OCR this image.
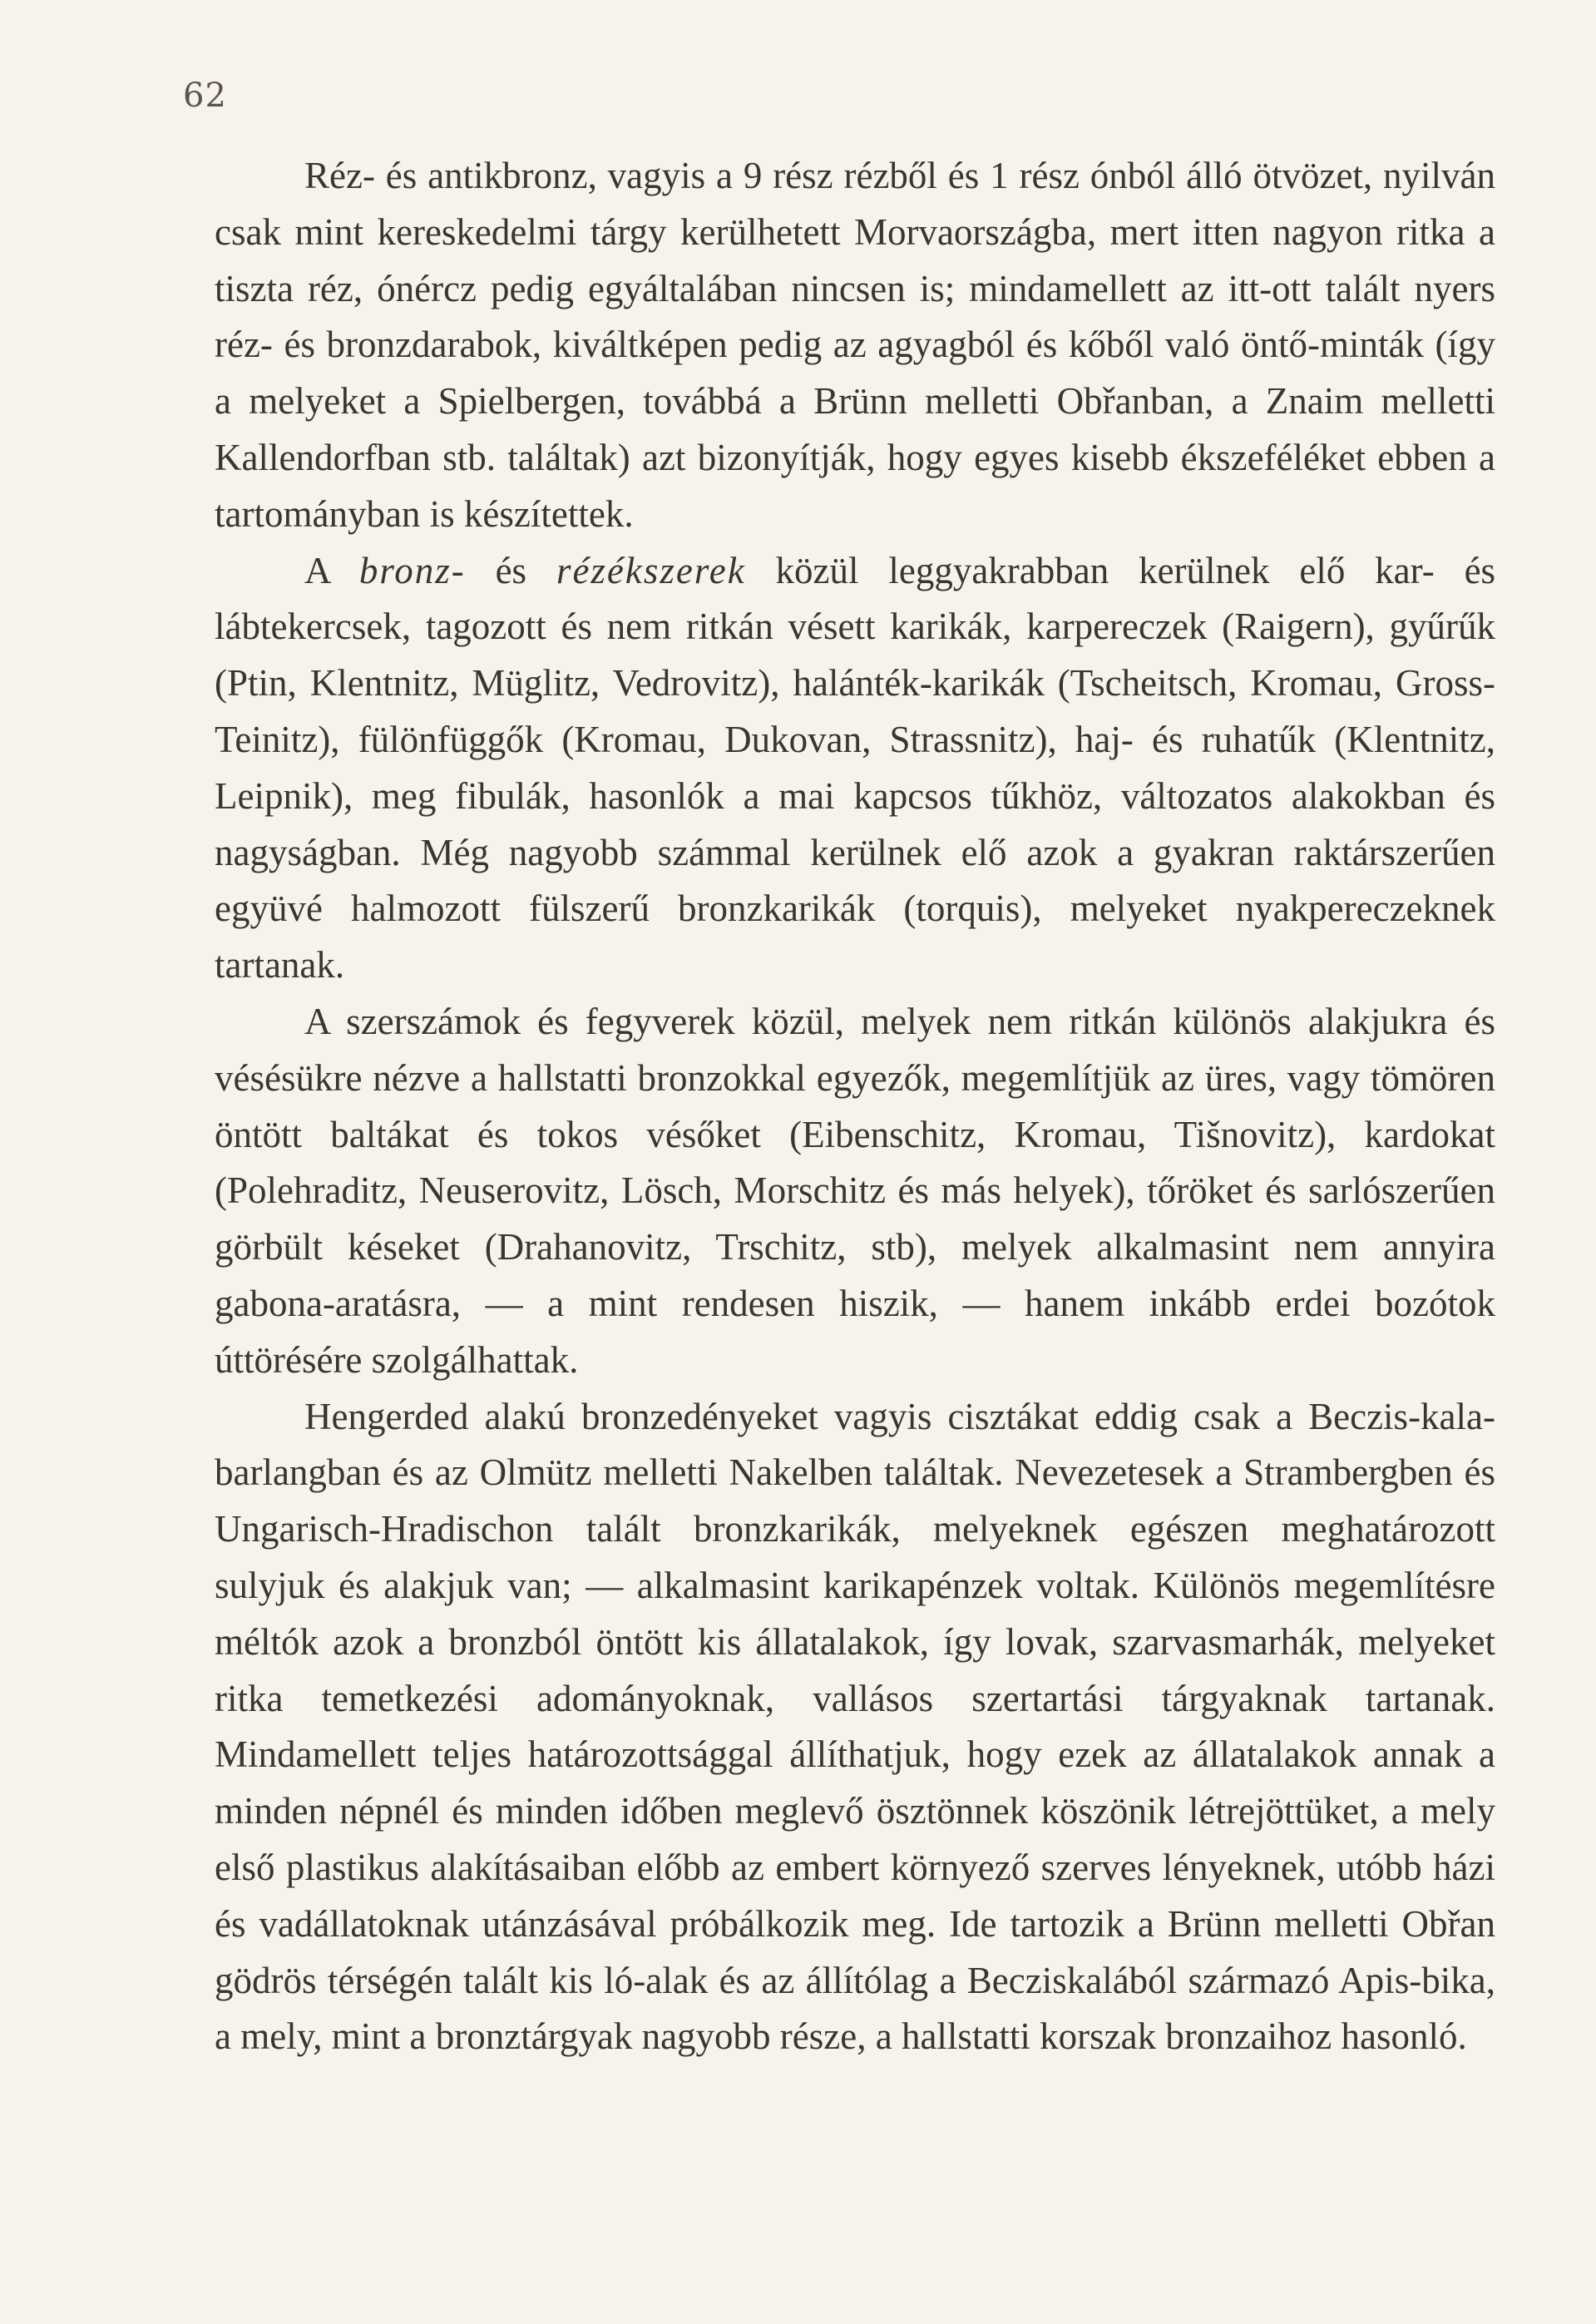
62

Réz- és antikbronz, vagyis a 9 rész rézből és 1 rész ónból álló ötvözet, nyilván csak mint kereskedelmi tárgy kerülhetett Morvaországba, mert itten nagyon ritka a tiszta réz, ónércz pedig egyáltalában nincsen is; mindamellett az itt-ott talált nyers réz- és bronzdarabok, kiváltképen pedig az agyagból és kőből való öntő-minták (így a melyeket a Spielbergen, továbbá a Brünn melletti Obřanban, a Znaim melletti Kallendorfban stb. találtak) azt bizonyítják, hogy egyes kisebb ékszeféléket ebben a tartományban is készítettek.

A bronz- és rézékszerek közül leggyakrabban kerülnek elő kar- és lábtekercsek, tagozott és nem ritkán vésett karikák, karpereczek (Raigern), gyűrűk (Ptin, Klentnitz, Müglitz, Vedrovitz), halánték-karikák (Tscheitsch, Kromau, Gross-Teinitz), fülönfüggők (Kromau, Dukovan, Strassnitz), haj- és ruhatűk (Klentnitz, Leipnik), meg fibulák, hasonlók a mai kapcsos tűkhöz, változatos alakokban és nagyságban. Még nagyobb számmal kerülnek elő azok a gyakran raktárszerűen együvé halmozott fülszerű bronzkarikák (torquis), melyeket nyakpereczeknek tartanak.

A szerszámok és fegyverek közül, melyek nem ritkán különös alakjukra és vésésükre nézve a hallstatti bronzokkal egyezők, megemlítjük az üres, vagy tömören öntött baltákat és tokos vésőket (Eibenschitz, Kromau, Tišnovitz), kardokat (Polehraditz, Neuserovitz, Lösch, Morschitz és más helyek), tőröket és sarlószerűen görbült késeket (Drahanovitz, Trschitz, stb), melyek alkalmasint nem annyira gabona-aratásra, — a mint rendesen hiszik, — hanem inkább erdei bozótok úttörésére szolgálhattak.

Hengerded alakú bronzedényeket vagyis cisztákat eddig csak a Beczis-kala-barlangban és az Olmütz melletti Nakelben találtak. Nevezetesek a Strambergben és Ungarisch-Hradischon talált bronzkarikák, melyeknek egészen meghatározott sulyjuk és alakjuk van; — alkalmasint karikapénzek voltak. Különös megemlítésre méltók azok a bronzból öntött kis állatalakok, így lovak, szarvasmarhák, melyeket ritka temetkezési adományoknak, vallásos szertartási tárgyaknak tartanak. Mindamellett teljes határozottsággal állíthatjuk, hogy ezek az állatalakok annak a minden népnél és minden időben meglevő ösztönnek köszönik létrejöttüket, a mely első plastikus alakításaiban előbb az embert környező szerves lényeknek, utóbb házi és vadállatoknak utánzásával próbálkozik meg. Ide tartozik a Brünn melletti Obřan gödrös térségén talált kis ló-alak és az állítólag a Becziskalából származó Apis-bika, a mely, mint a bronztárgyak nagyobb része, a hallstatti korszak bronzaihoz hasonló.
